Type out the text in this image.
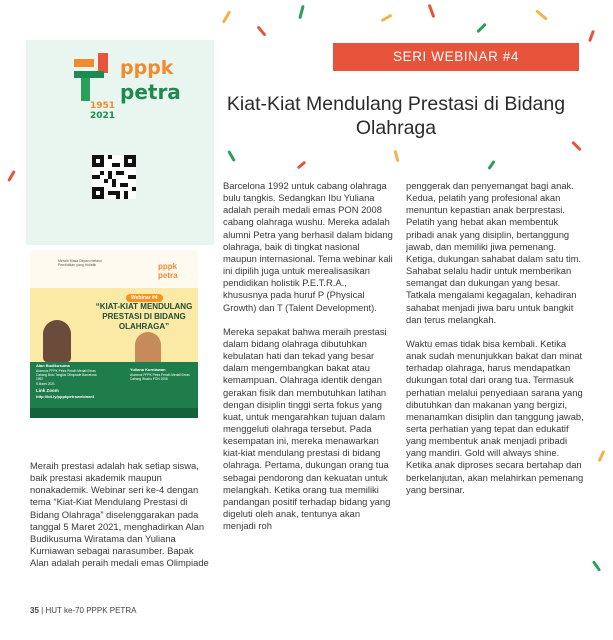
pppk
petra
1951
2021
Meraih Masa Depan melalui Pendidikan yang Holistik	pppk petra
Webinar #4
“KIAT-KIAT MENDULANG PRESTASI DI BIDANG OLAHRAGA”
Alan Budikusuma
Alumnus PPPK Petra Peraih Medali Emas Cabang Bulu Tangkis Olimpiade Barcelona 1992
Yuliana Kurniawan
Alumnus PPPK Petra Peraih Medali Emas Cabang Wushu PON 2008
5 Maret 2021
Link Zoom
http://bit.ly/pppkpetrawebinar4

Meraih prestasi adalah hak setiap siswa, baik prestasi akademik maupun nonakademik. Webinar seri ke-4 dengan tema “Kiat-Kiat Mendulang Prestasi di Bidang Olahraga” diselenggarakan pada tanggal 5 Maret 2021, menghadirkan Alan Budikusuma Wiratama dan Yuliana Kurniawan sebagai narasumber. Bapak Alan adalah peraih medali emas Olimpiade

Barcelona 1992 untuk cabang olahraga bulu tangkis. Sedangkan Ibu Yuliana adalah peraih medali emas PON 2008 cabang olahraga wushu. Mereka adalah alumni Petra yang berhasil dalam bidang olahraga, baik di tingkat nasional maupun internasional. Tema webinar kali ini dipilih juga untuk merealisasikan pendidikan holistik P.E.T.R.A., khususnya pada huruf P (Physical Growth) dan T (Talent Development).

Mereka sepakat bahwa meraih prestasi dalam bidang olahraga dibutuhkan kebulatan hati dan tekad yang besar dalam mengembangkan bakat atau kemampuan. Olahraga identik dengan gerakan fisik dan membutuhkan latihan dengan disiplin tinggi serta fokus yang kuat, untuk mengarahkan tujuan dalam menggeluti olahraga tersebut. Pada kesempatan ini, mereka menawarkan kiat-kiat mendulang prestasi di bidang olahraga. Pertama, dukungan orang tua sebagai pendorong dan kekuatan untuk melangkah. Ketika orang tua memiliki pandangan positif terhadap bidang yang digeluti oleh anak, tentunya akan menjadi roh

penggerak dan penyemangat bagi anak. Kedua, pelatih yang profesional akan menuntun kepastian anak berprestasi. Pelatih yang hebat akan membentuk pribadi anak yang disiplin, bertanggung jawab, dan memiliki jiwa pemenang. Ketiga, dukungan sahabat dalam satu tim. Sahabat selalu hadir untuk memberikan semangat dan dukungan yang besar. Tatkala mengalami kegagalan, kehadiran sahabat menjadi jiwa baru untuk bangkit dan terus melangkah.

Waktu emas tidak bisa kembali. Ketika anak sudah menunjukkan bakat dan minat terhadap olahraga, harus mendapatkan dukungan total dari orang tua. Termasuk perhatian melalui penyediaan sarana yang dibutuhkan dan makanan yang bergizi, menanamkan disiplin dan tanggung jawab, serta perhatian yang tepat dan edukatif yang membentuk anak menjadi pribadi yang mandiri. Gold will always shine. Ketika anak diproses secara bertahap dan berkelanjutan, akan melahirkan pemenang yang bersinar.

SERI WEBINAR #4
Kiat-Kiat Mendulang Prestasi di Bidang Olahraga
35 | HUT ke-70 PPPK PETRA
